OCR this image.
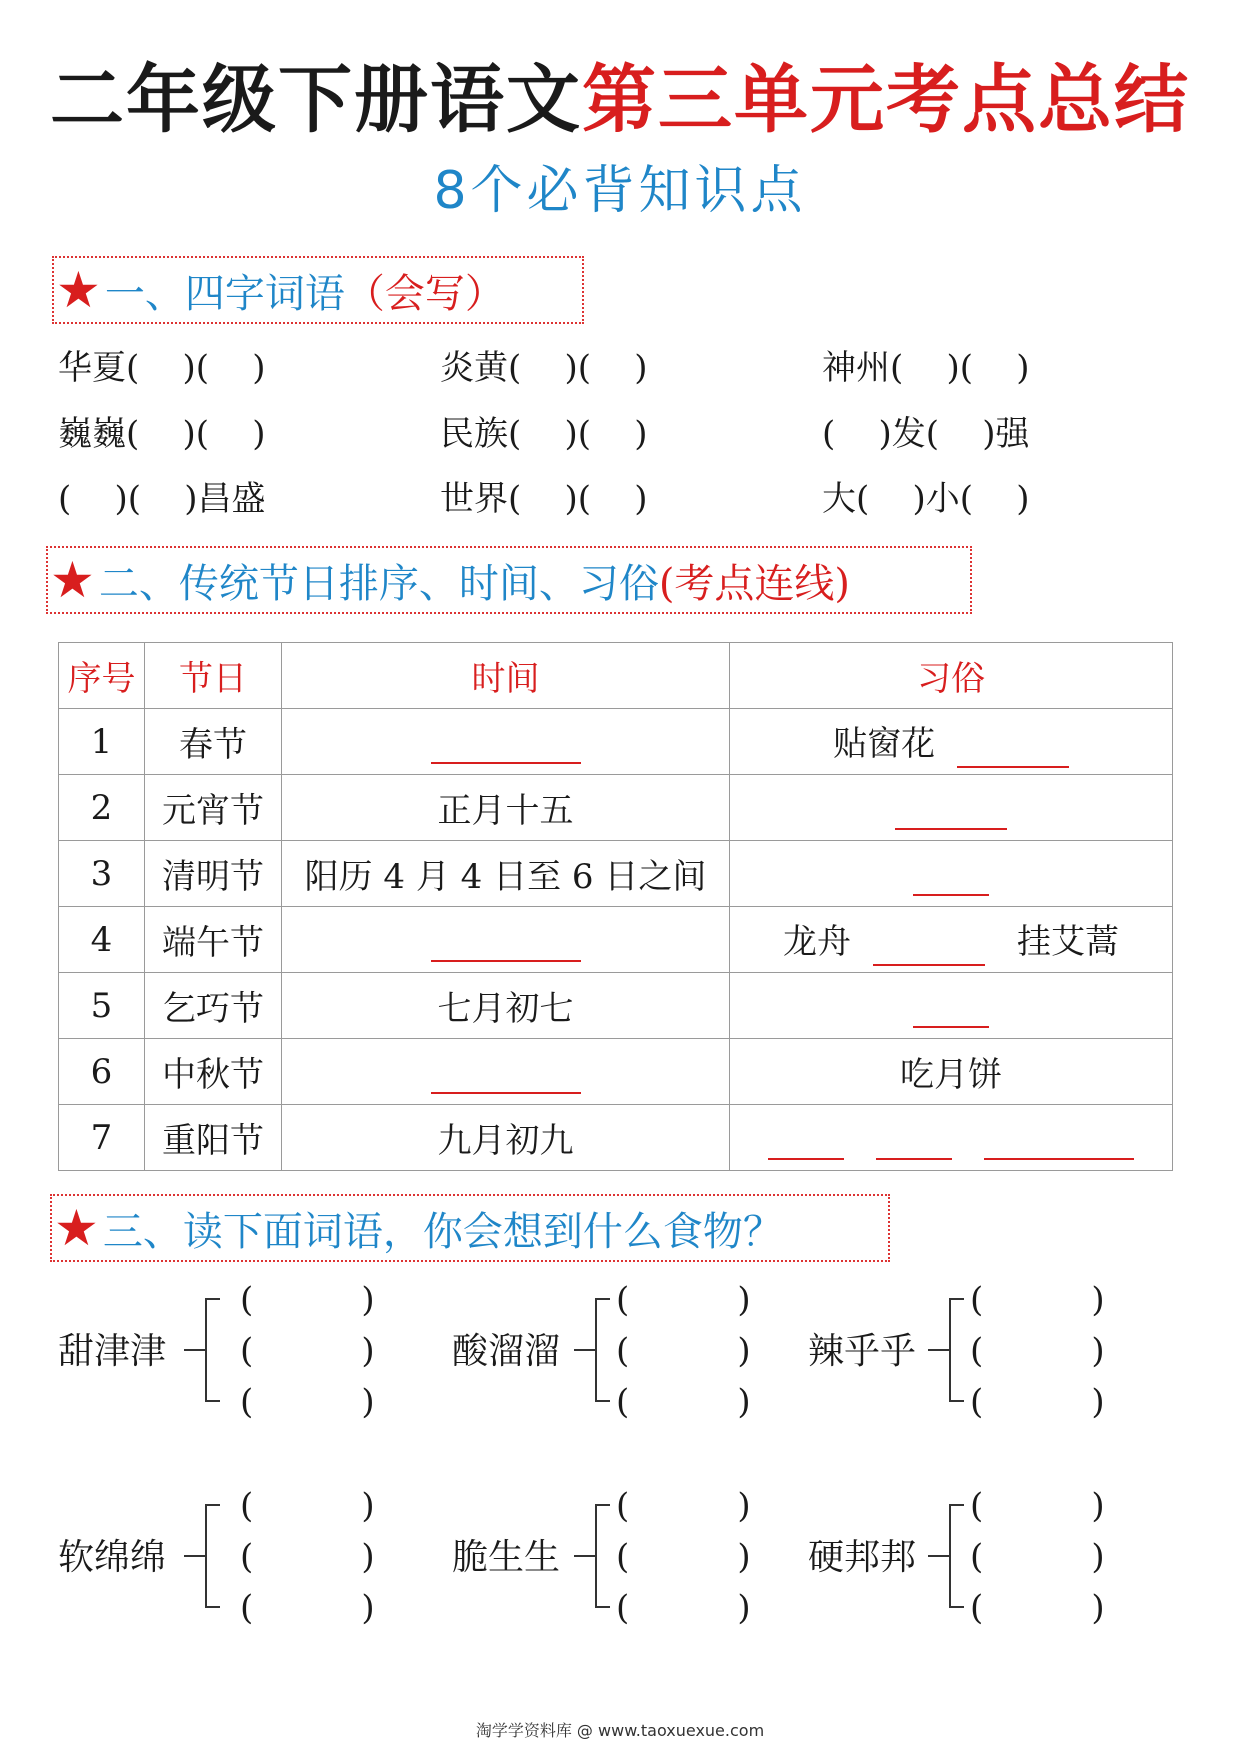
二年级下册语文第三单元考点总结
8个必背知识点
★ 一、四字词语 （会写）
华夏(    )(    )	炎黄(    )(    )	神州(    )(    )
巍巍(    )(    )	民族(    )(    )	(    )发(    )强
(    )(    )昌盛	世界(    )(    )	大(    )小(    )
★ 二、传统节日排序、时间、习俗 (考点连线)
序号	节日	时间	习俗
1	春节		贴窗花
2	元宵节	正月十五	
3	清明节	阳历 4 月 4 日至 6 日之间	
4	端午节		龙舟 挂艾蒿
5	乞巧节	七月初七	
6	中秋节		吃月饼
7	重阳节	九月初九	
★ 三、读下面词语，你会想到什么食物？
甜津津
(          )
(          )
(          )
酸溜溜
(          )
(          )
(          )
辣乎乎
(          )
(          )
(          )
软绵绵
(          )
(          )
(          )
脆生生
(          )
(          )
(          )
硬邦邦
(          )
(          )
(          )
淘学学资料库 @ www.taoxuexue.com
